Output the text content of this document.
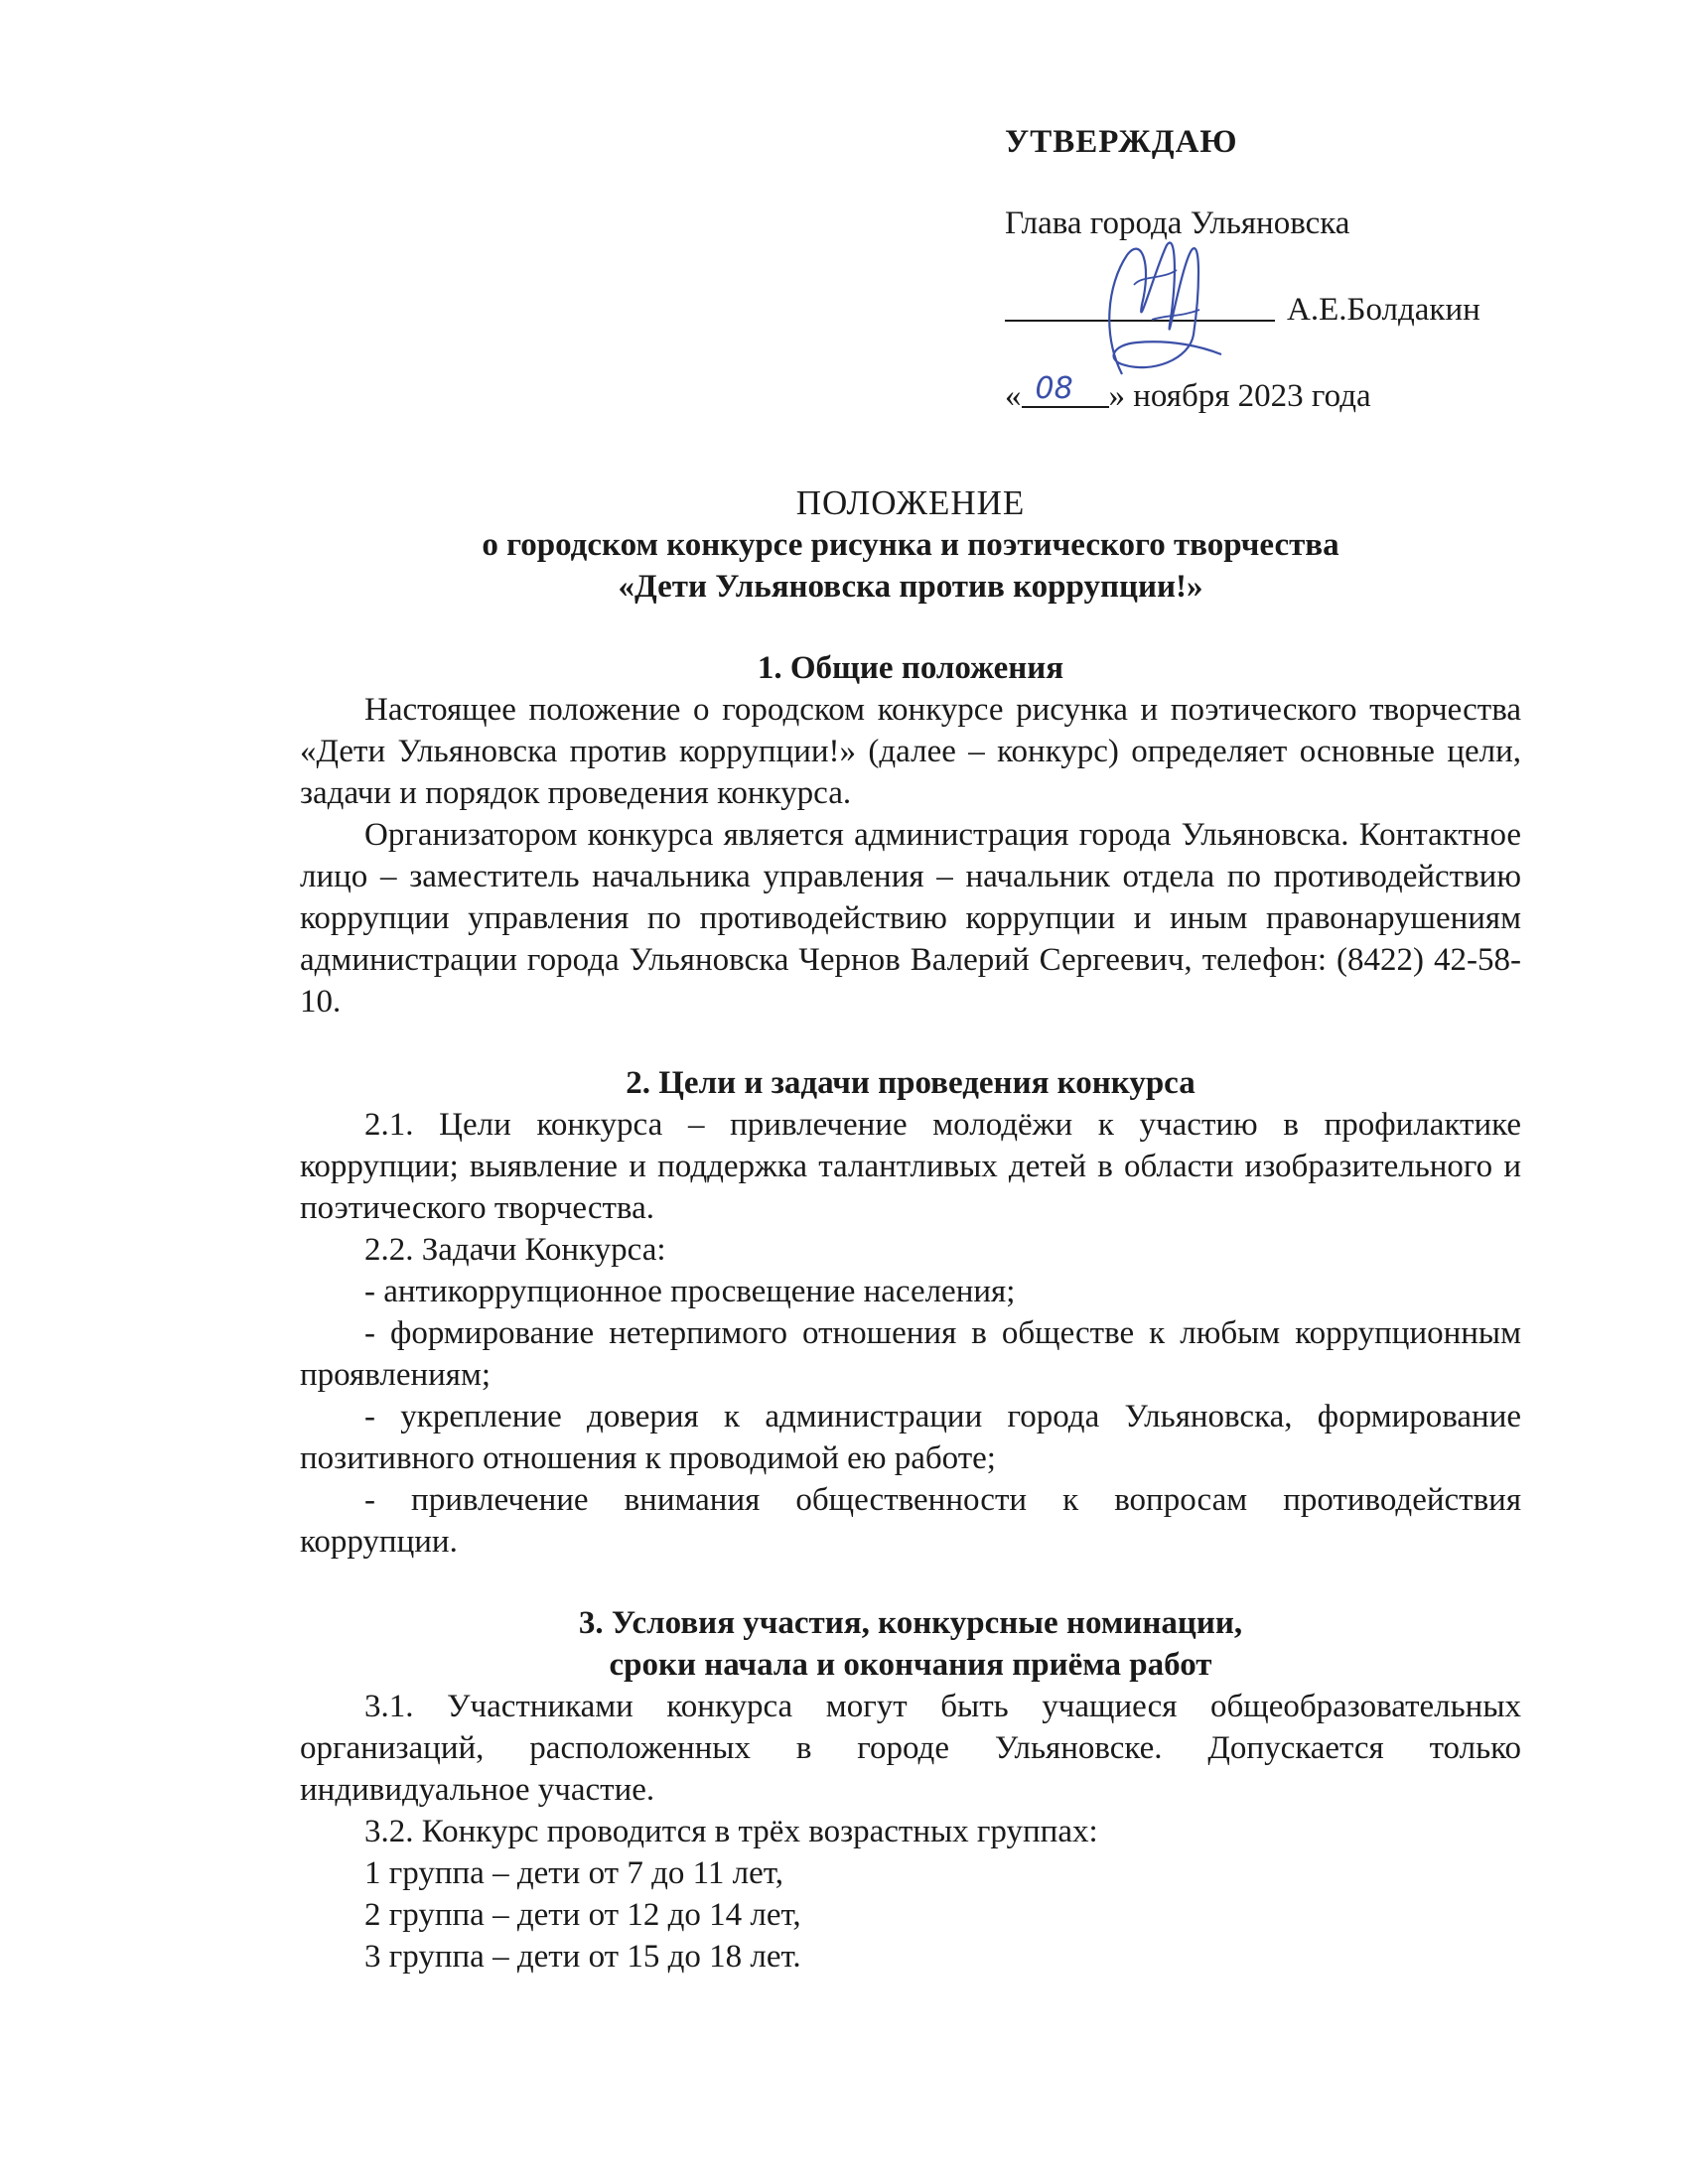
УТВЕРЖДАЮ
Глава города Ульяновска
А.Е.Болдакин
« 08 » ноября 2023 года

ПОЛОЖЕНИЕ

о городском конкурсе рисунка и поэтического творчества

«Дети Ульяновска против коррупции!»

1. Общие положения

Настоящее положение о городском конкурсе рисунка и поэтического творчества «Дети Ульяновска против коррупции!» (далее – конкурс) определяет основные цели, задачи и порядок проведения конкурса.

Организатором конкурса является администрация города Ульяновска. Контактное лицо – заместитель начальника управления – начальник отдела по противодействию коррупции управления по противодействию коррупции и иным правонарушениям администрации города Ульяновска Чернов Валерий Сергеевич, телефон: (8422) 42-58-10.

2. Цели и задачи проведения конкурса

2.1. Цели конкурса – привлечение молодёжи к участию в профилактике коррупции; выявление и поддержка талантливых детей в области изобразительного и поэтического творчества.

2.2. Задачи Конкурса:

- антикоррупционное просвещение населения;

- формирование нетерпимого отношения в обществе к любым коррупционным проявлениям;

- укрепление доверия к администрации города Ульяновска, формирование позитивного отношения к проводимой ею работе;

- привлечение внимания общественности к вопросам противодействия коррупции.

3. Условия участия, конкурсные номинации,

сроки начала и окончания приёма работ

3.1. Участниками конкурса могут быть учащиеся общеобразовательных организаций, расположенных в городе Ульяновске. Допускается только индивидуальное участие.

3.2. Конкурс проводится в трёх возрастных группах:

1 группа – дети от 7 до 11 лет,

2 группа – дети от 12 до 14 лет,

3 группа – дети от 15 до 18 лет.
